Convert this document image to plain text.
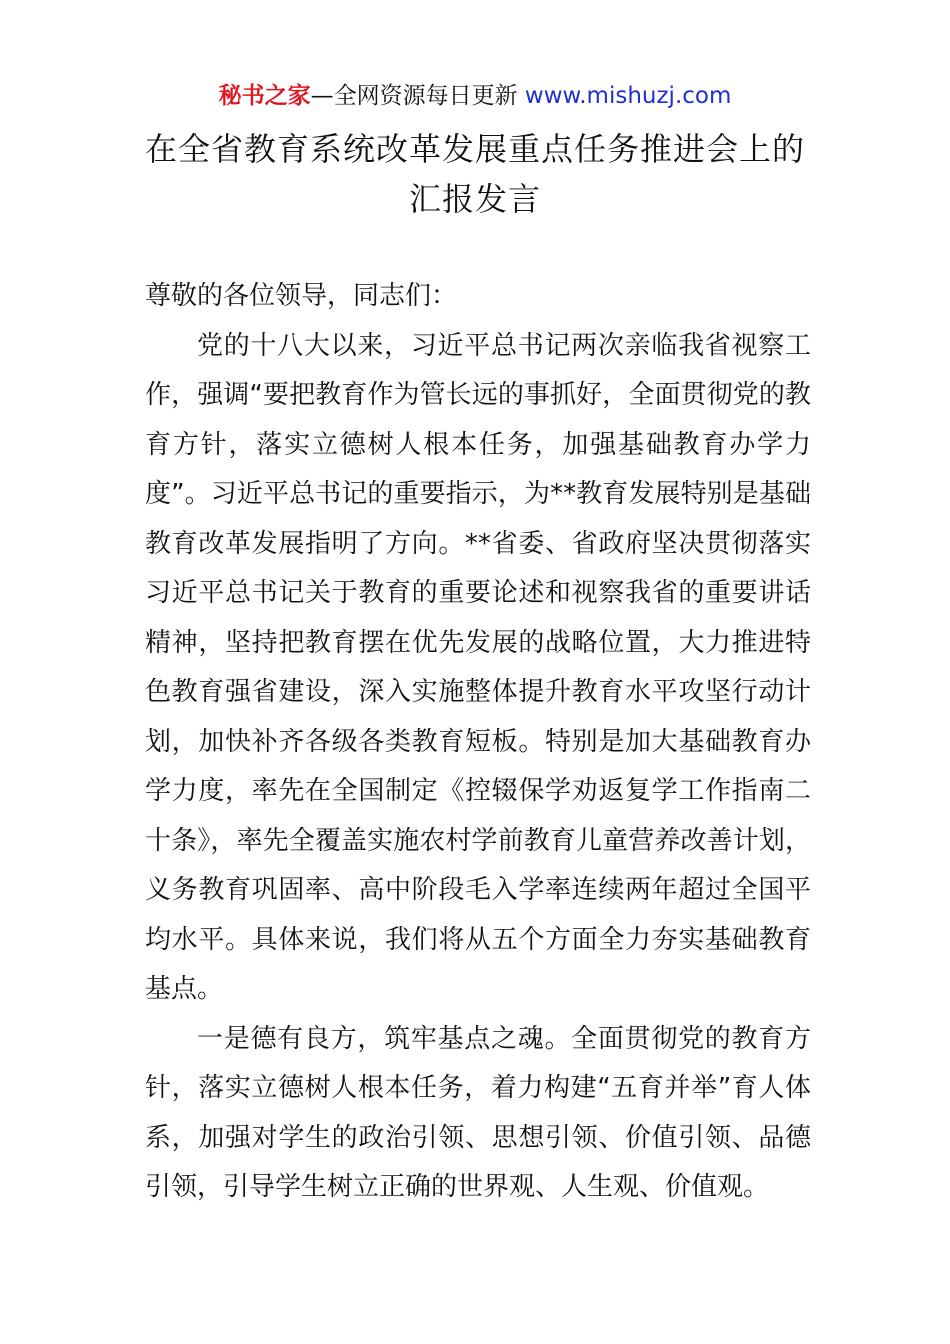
秘书之家—全网资源每日更新 www.mishuzj.com
在全省教育系统改革发展重点任务推进会上的
汇报发言

尊敬的各位领导，同志们：

党的十八大以来，习近平总书记两次亲临我省视察工作，强调“要把教育作为管长远的事抓好，全面贯彻党的教育方针，落实立德树人根本任务，加强基础教育办学力度”。习近平总书记的重要指示，为**教育发展特别是基础教育改革发展指明了方向。**省委、省政府坚决贯彻落实习近平总书记关于教育的重要论述和视察我省的重要讲话精神，坚持把教育摆在优先发展的战略位置，大力推进特色教育强省建设，深入实施整体提升教育水平攻坚行动计划，加快补齐各级各类教育短板。特别是加大基础教育办学力度，率先在全国制定《控辍保学劝返复学工作指南二十条》，率先全覆盖实施农村学前教育儿童营养改善计划，义务教育巩固率、高中阶段毛入学率连续两年超过全国平均水平。具体来说，我们将从五个方面全力夯实基础教育基点。

一是德有良方，筑牢基点之魂。全面贯彻党的教育方针，落实立德树人根本任务，着力构建“五育并举”育人体系，加强对学生的政治引领、思想引领、价值引领、品德引领，引导学生树立正确的世界观、人生观、价值观。
